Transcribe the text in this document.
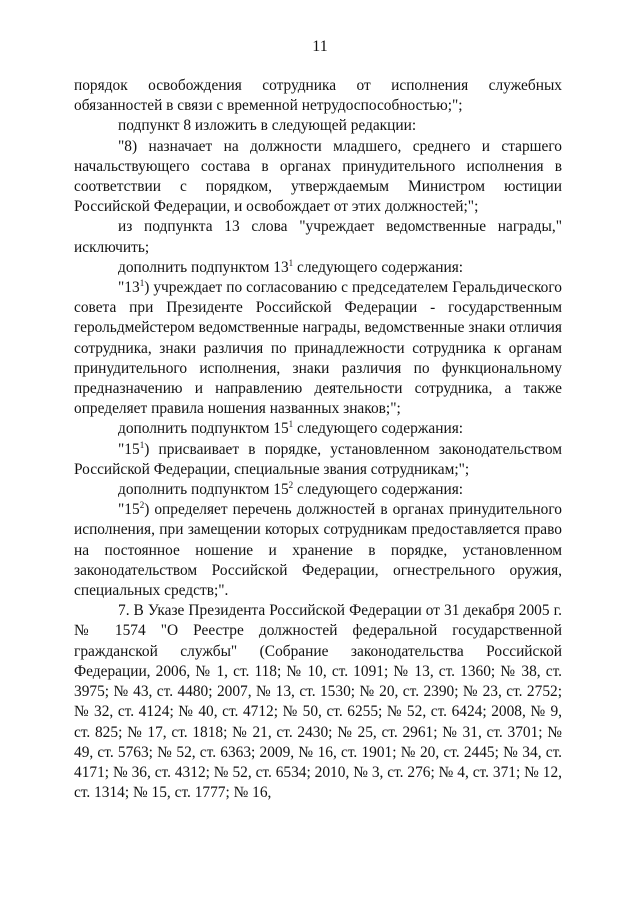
11

порядок освобождения сотрудника от исполнения служебных обязанностей в связи с временной нетрудоспособностью;";

подпункт 8 изложить в следующей редакции:

"8) назначает на должности младшего, среднего и старшего начальствующего состава в органах принудительного исполнения в соответствии с порядком, утверждаемым Министром юстиции Российской Федерации, и освобождает от этих должностей;";

из подпункта 13 слова "учреждает ведомственные награды," исключить;

дополнить подпунктом $13^1$ следующего содержания:

"$13^1$) учреждает по согласованию с председателем Геральдического совета при Президенте Российской Федерации - государственным герольдмейстером ведомственные награды, ведомственные знаки отличия сотрудника, знаки различия по принадлежности сотрудника к органам принудительного исполнения, знаки различия по функциональному предназначению и направлению деятельности сотрудника, а также определяет правила ношения названных знаков;";

дополнить подпунктом $15^1$ следующего содержания:

"$15^1$) присваивает в порядке, установленном законодательством Российской Федерации, специальные звания сотрудникам;";

дополнить подпунктом $15^2$ следующего содержания:

"$15^2$) определяет перечень должностей в органах принудительного исполнения, при замещении которых сотрудникам предоставляется право на постоянное ношение и хранение в порядке, установленном законодательством Российской Федерации, огнестрельного оружия, специальных средств;".

7. В Указе Президента Российской Федерации от 31 декабря 2005 г. № 1574 "О Реестре должностей федеральной государственной гражданской службы" (Собрание законодательства Российской Федерации, 2006, № 1, ст. 118; № 10, ст. 1091; № 13, ст. 1360; № 38, ст. 3975; № 43, ст. 4480; 2007, № 13, ст. 1530; № 20, ст. 2390; № 23, ст. 2752; № 32, ст. 4124; № 40, ст. 4712; № 50, ст. 6255; № 52, ст. 6424; 2008, № 9, ст. 825; № 17, ст. 1818; № 21, ст. 2430; № 25, ст. 2961; № 31, ст. 3701; № 49, ст. 5763; № 52, ст. 6363; 2009, № 16, ст. 1901; № 20, ст. 2445; № 34, ст. 4171; № 36, ст. 4312; № 52, ст. 6534; 2010, № 3, ст. 276; № 4, ст. 371; № 12, ст. 1314; № 15, ст. 1777; № 16,
